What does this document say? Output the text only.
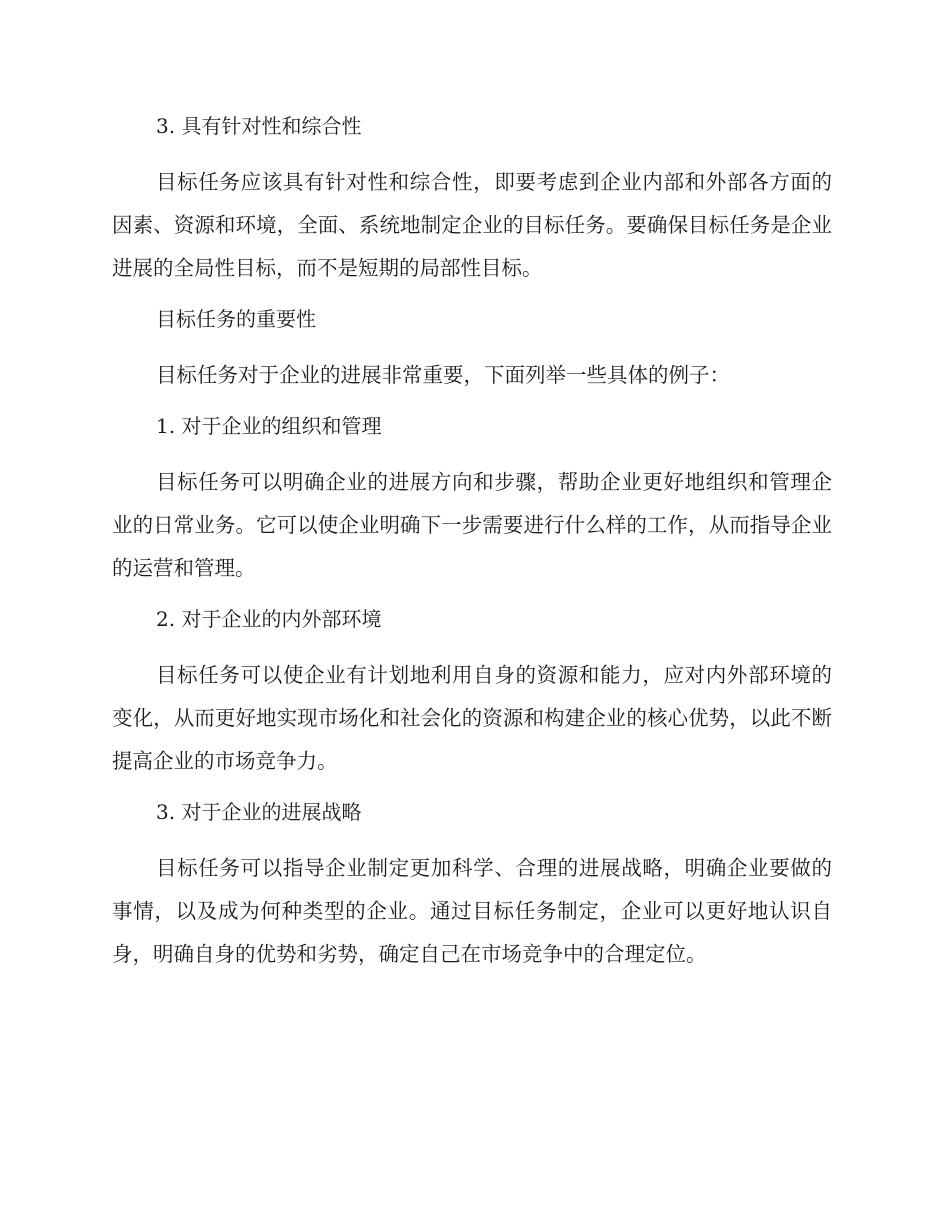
3. 具有针对性和综合性

目标任务应该具有针对性和综合性，即要考虑到企业内部和外部各方面的因素、资源和环境，全面、系统地制定企业的目标任务。要确保目标任务是企业进展的全局性目标，而不是短期的局部性目标。

目标任务的重要性

目标任务对于企业的进展非常重要，下面列举一些具体的例子：

1. 对于企业的组织和管理

目标任务可以明确企业的进展方向和步骤，帮助企业更好地组织和管理企业的日常业务。它可以使企业明确下一步需要进行什么样的工作，从而指导企业的运营和管理。

2. 对于企业的内外部环境

目标任务可以使企业有计划地利用自身的资源和能力，应对内外部环境的变化，从而更好地实现市场化和社会化的资源和构建企业的核心优势，以此不断提高企业的市场竞争力。

3. 对于企业的进展战略

目标任务可以指导企业制定更加科学、合理的进展战略，明确企业要做的事情，以及成为何种类型的企业。通过目标任务制定，企业可以更好地认识自身，明确自身的优势和劣势，确定自己在市场竞争中的合理定位。
